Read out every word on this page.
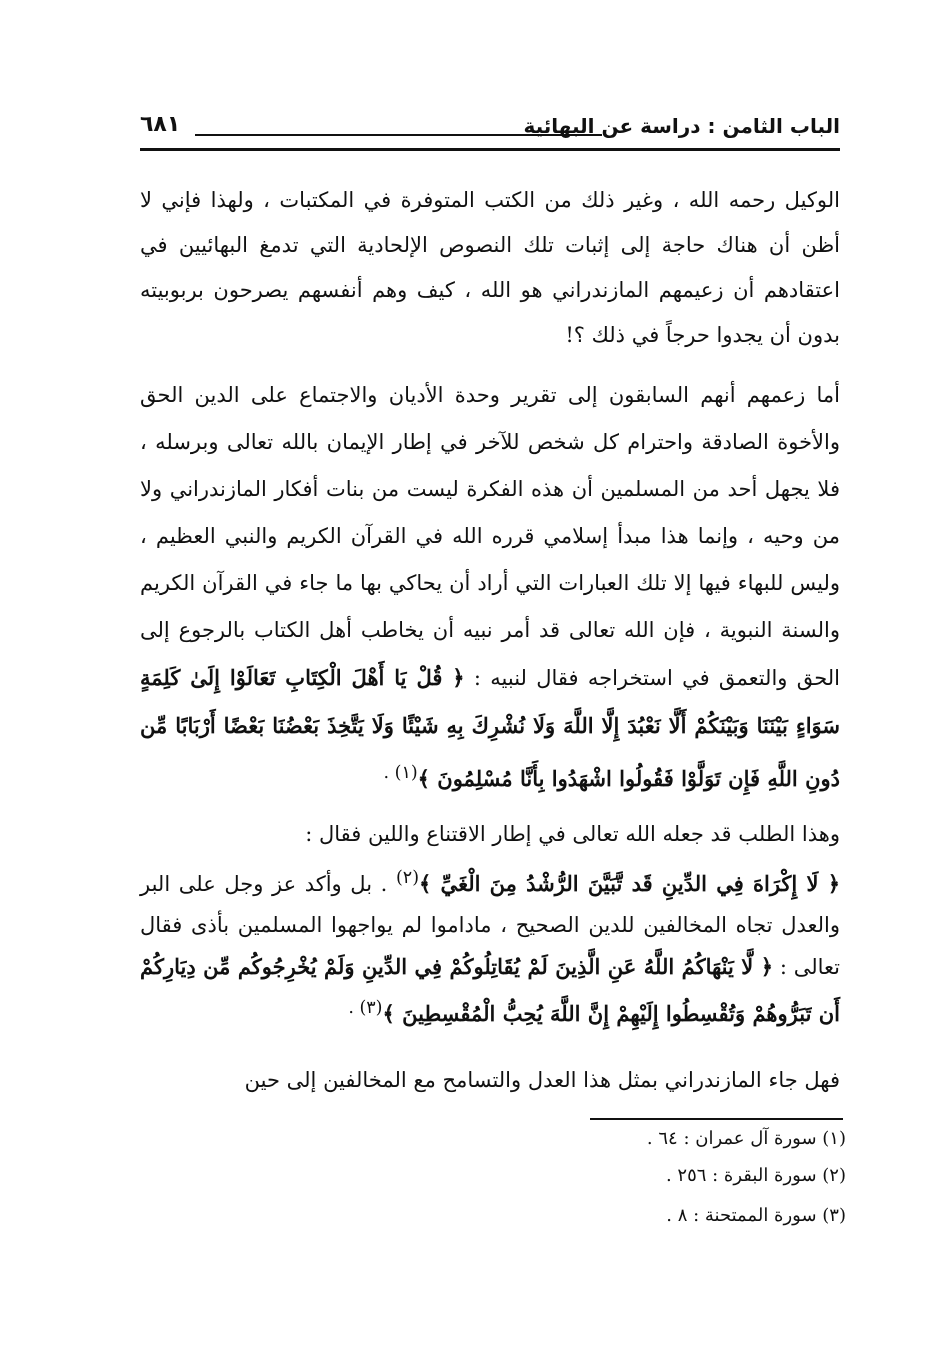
الباب الثامن : دراسة عن البهائية
٦٨١
الوكيل رحمه الله ، وغير ذلك من الكتب المتوفرة في المكتبات ، ولهذا فإني لا أظن أن هناك حاجة إلى إثبات تلك النصوص الإلحادية التي تدمغ البهائيين في اعتقادهم أن زعيمهم المازندراني هو الله ، كيف وهم أنفسهم يصرحون بربوبيته بدون أن يجدوا حرجاً في ذلك ؟!
أما زعمهم أنهم السابقون إلى تقرير وحدة الأديان والاجتماع على الدين الحق والأخوة الصادقة واحترام كل شخص للآخر في إطار الإيمان بالله تعالى وبرسله ، فلا يجهل أحد من المسلمين أن هذه الفكرة ليست من بنات أفكار المازندراني ولا من وحيه ، وإنما هذا مبدأ إسلامي قرره الله في القرآن الكريم والنبي العظيم ، وليس للبهاء فيها إلا تلك العبارات التي أراد أن يحاكي بها ما جاء في القرآن الكريم والسنة النبوية ، فإن الله تعالى قد أمر نبيه أن يخاطب أهل الكتاب بالرجوع إلى الحق والتعمق في استخراجه فقال لنبيه : ﴿ قُلْ يَا أَهْلَ الْكِتَابِ تَعَالَوْا إِلَىٰ كَلِمَةٍ سَوَاءٍ بَيْنَنَا وَبَيْنَكُمْ أَلَّا نَعْبُدَ إِلَّا اللَّهَ وَلَا نُشْرِكَ بِهِ شَيْئًا وَلَا يَتَّخِذَ بَعْضُنَا بَعْضًا أَرْبَابًا مِّن دُونِ اللَّهِ فَإِن تَوَلَّوْا فَقُولُوا اشْهَدُوا بِأَنَّا مُسْلِمُونَ ﴾$^{(١) .}$
وهذا الطلب قد جعله الله تعالى في إطار الاقتناع واللين فقال :
﴿ لَا إِكْرَاهَ فِي الدِّينِ قَد تَّبَيَّنَ الرُّشْدُ مِنَ الْغَيِّ ﴾$^{(٢)}$ . بل وأكد عز وجل على البر والعدل تجاه المخالفين للدين الصحيح ، ماداموا لم يواجهوا المسلمين بأذى فقال تعالى : ﴿ لَّا يَنْهَاكُمُ اللَّهُ عَنِ الَّذِينَ لَمْ يُقَاتِلُوكُمْ فِي الدِّينِ وَلَمْ يُخْرِجُوكُم مِّن دِيَارِكُمْ أَن تَبَرُّوهُمْ وَتُقْسِطُوا إِلَيْهِمْ إِنَّ اللَّهَ يُحِبُّ الْمُقْسِطِينَ ﴾$^{(٣) .}$
فهل جاء المازندراني بمثل هذا العدل والتسامح مع المخالفين إلى حين
(١) سورة آل عمران : ٦٤ .
(٢) سورة البقرة : ٢٥٦ .
(٣) سورة الممتحنة : ٨ .
